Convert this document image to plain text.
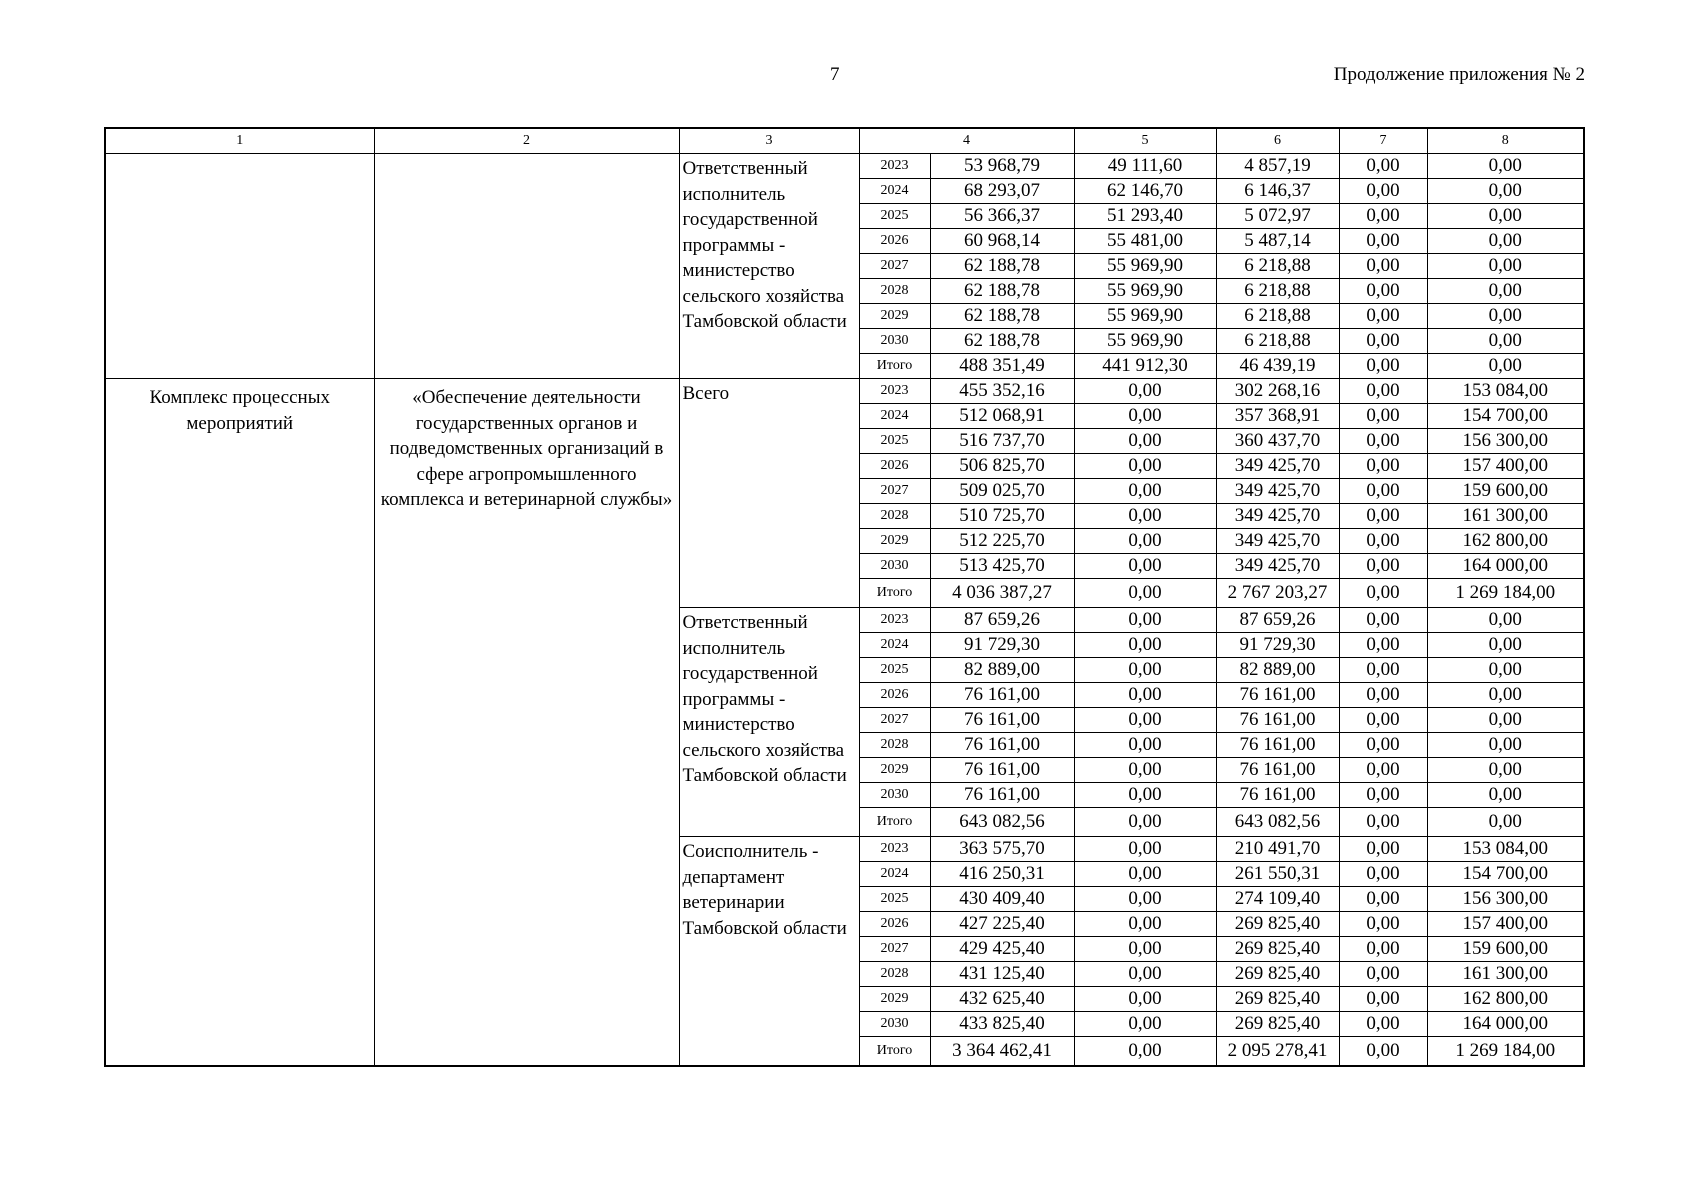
7	Продолжение приложения № 2
1	2	3	4		5	6	7	8
		Ответственный исполнитель государственной программы - министерство сельского хозяйства Тамбовской области	2023	53 968,79	49 111,60	4 857,19	0,00	0,00
			2024	68 293,07	62 146,70	6 146,37	0,00	0,00
			2025	56 366,37	51 293,40	5 072,97	0,00	0,00
			2026	60 968,14	55 481,00	5 487,14	0,00	0,00
			2027	62 188,78	55 969,90	6 218,88	0,00	0,00
			2028	62 188,78	55 969,90	6 218,88	0,00	0,00
			2029	62 188,78	55 969,90	6 218,88	0,00	0,00
			2030	62 188,78	55 969,90	6 218,88	0,00	0,00
			Итого	488 351,49	441 912,30	46 439,19	0,00	0,00
Комплекс процессных мероприятий	«Обеспечение деятельности государственных органов и подведомственных организаций в сфере агропромышленного комплекса и ветеринарной службы»	Всего	2023	455 352,16	0,00	302 268,16	0,00	153 084,00
			2024	512 068,91	0,00	357 368,91	0,00	154 700,00
			2025	516 737,70	0,00	360 437,70	0,00	156 300,00
			2026	506 825,70	0,00	349 425,70	0,00	157 400,00
			2027	509 025,70	0,00	349 425,70	0,00	159 600,00
			2028	510 725,70	0,00	349 425,70	0,00	161 300,00
			2029	512 225,70	0,00	349 425,70	0,00	162 800,00
			2030	513 425,70	0,00	349 425,70	0,00	164 000,00
			Итого	4 036 387,27	0,00	2 767 203,27	0,00	1 269 184,00
		Ответственный исполнитель государственной программы - министерство сельского хозяйства Тамбовской области	2023	87 659,26	0,00	87 659,26	0,00	0,00
			2024	91 729,30	0,00	91 729,30	0,00	0,00
			2025	82 889,00	0,00	82 889,00	0,00	0,00
			2026	76 161,00	0,00	76 161,00	0,00	0,00
			2027	76 161,00	0,00	76 161,00	0,00	0,00
			2028	76 161,00	0,00	76 161,00	0,00	0,00
			2029	76 161,00	0,00	76 161,00	0,00	0,00
			2030	76 161,00	0,00	76 161,00	0,00	0,00
			Итого	643 082,56	0,00	643 082,56	0,00	0,00
		Соисполнитель - департамент ветеринарии Тамбовской области	2023	363 575,70	0,00	210 491,70	0,00	153 084,00
			2024	416 250,31	0,00	261 550,31	0,00	154 700,00
			2025	430 409,40	0,00	274 109,40	0,00	156 300,00
			2026	427 225,40	0,00	269 825,40	0,00	157 400,00
			2027	429 425,40	0,00	269 825,40	0,00	159 600,00
			2028	431 125,40	0,00	269 825,40	0,00	161 300,00
			2029	432 625,40	0,00	269 825,40	0,00	162 800,00
			2030	433 825,40	0,00	269 825,40	0,00	164 000,00
			Итого	3 364 462,41	0,00	2 095 278,41	0,00	1 269 184,00
